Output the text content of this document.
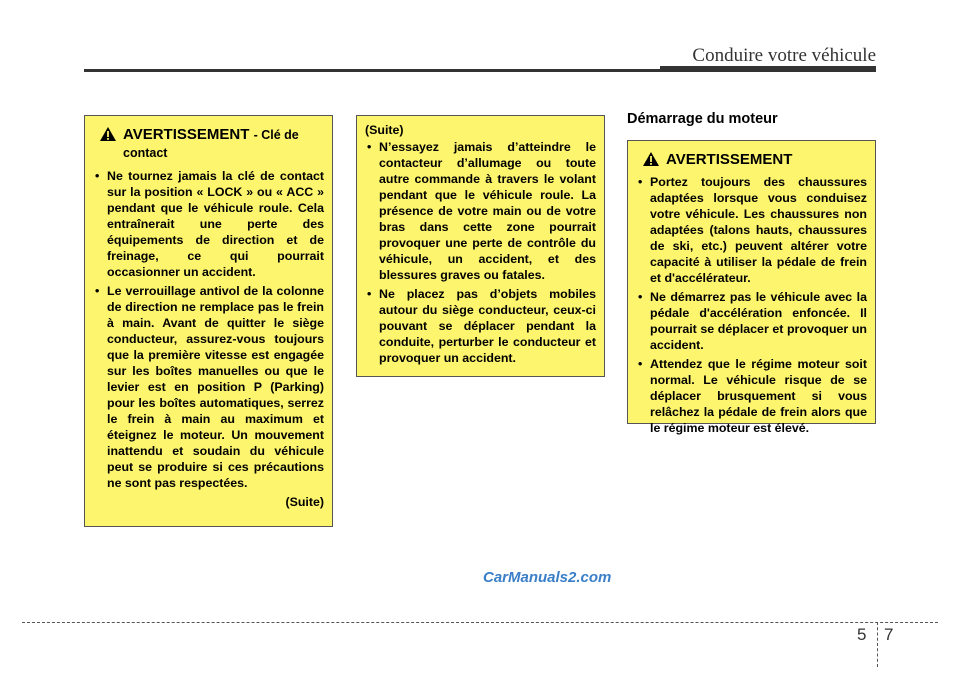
Conduire votre véhicule
AVERTISSEMENT - Clé de contact
• Ne tournez jamais la clé de contact sur la position « LOCK » ou « ACC » pendant que le véhicule roule. Cela entraînerait une perte des équipements de direction et de freinage, ce qui pourrait occasionner un accident.
• Le verrouillage antivol de la colonne de direction ne remplace pas le frein à main. Avant de quitter le siège conducteur, assurez-vous toujours que la première vitesse est engagée sur les boîtes manuelles ou que le levier est en position P (Parking) pour les boîtes automatiques, serrez le frein à main au maximum et éteignez le moteur. Un mouvement inattendu et soudain du véhicule peut se produire si ces précautions ne sont pas respectées.
(Suite)
(Suite)
• N’essayez jamais d’atteindre le contacteur d’allumage ou toute autre commande à travers le volant pendant que le véhicule roule. La présence de votre main ou de votre bras dans cette zone pourrait provoquer une perte de contrôle du véhicule, un accident, et des blessures graves ou fatales.
• Ne placez pas d’objets mobiles autour du siège conducteur, ceux-ci pouvant se déplacer pendant la conduite, perturber le conducteur et provoquer un accident.
Démarrage du moteur
AVERTISSEMENT
• Portez toujours des chaussures adaptées lorsque vous conduisez votre véhicule. Les chaussures non adaptées (talons hauts, chaussures de ski, etc.) peuvent altérer votre capacité à utiliser la pédale de frein et d'accélérateur.
• Ne démarrez pas le véhicule avec la pédale d'accélération enfoncée. Il pourrait se déplacer et provoquer un accident.
• Attendez que le régime moteur soit normal. Le véhicule risque de se déplacer brusquement si vous relâchez la pédale de frein alors que le régime moteur est élevé.
CarManuals2.com
5 7
